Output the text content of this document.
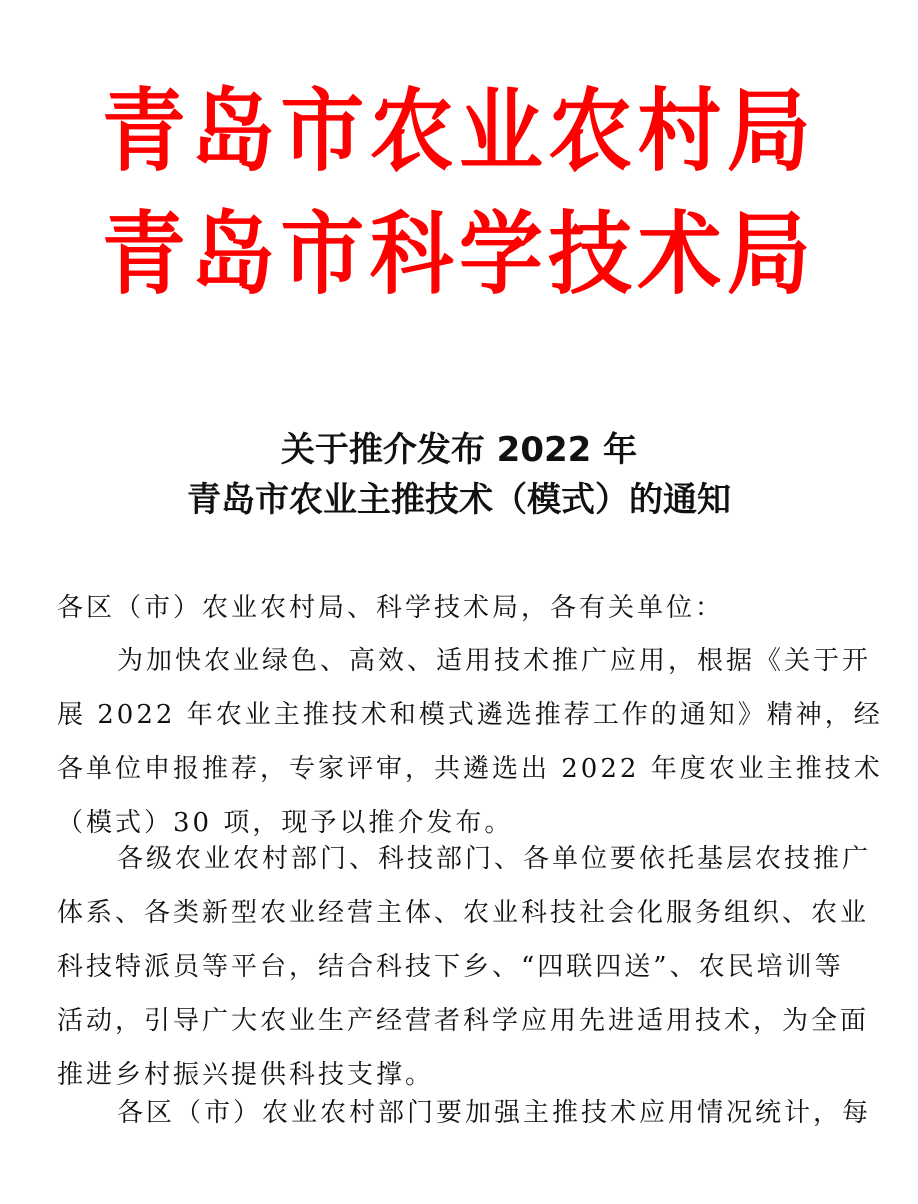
青岛市农业农村局
青岛市科学技术局
关于推介发布 2022 年
青岛市农业主推技术（模式）的通知
各区（市）农业农村局、科学技术局，各有关单位：
为加快农业绿色、高效、适用技术推广应用，根据《关于开
展 2022 年农业主推技术和模式遴选推荐工作的通知》精神，经
各单位申报推荐，专家评审，共遴选出 2022 年度农业主推技术
（模式）30 项，现予以推介发布。
各级农业农村部门、科技部门、各单位要依托基层农技推广
体系、各类新型农业经营主体、农业科技社会化服务组织、农业
科技特派员等平台，结合科技下乡、“四联四送”、农民培训等
活动，引导广大农业生产经营者科学应用先进适用技术，为全面
推进乡村振兴提供科技支撑。
各区（市）农业农村部门要加强主推技术应用情况统计，每
